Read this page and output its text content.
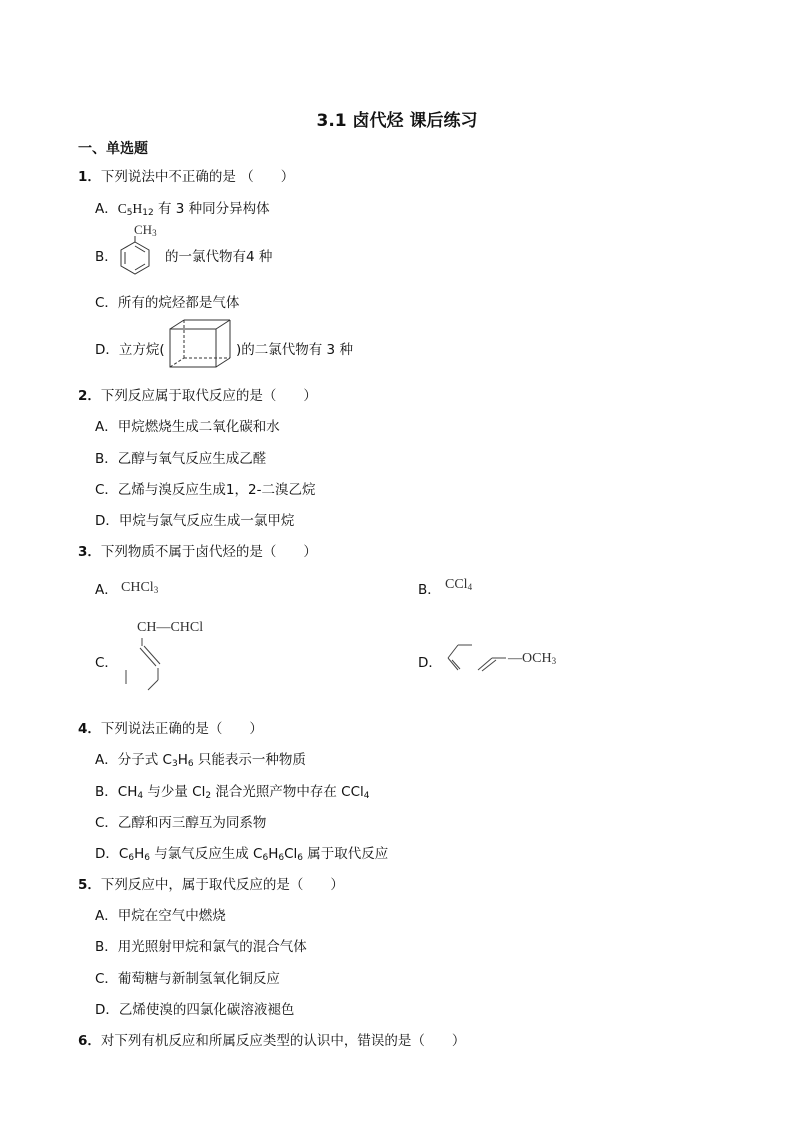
3.1 卤代烃 课后练习
一、单选题
1．下列说法中不正确的是 （　　）
A．$C_5H_{12}$ 有 3 种同分异构体
B．
$CH_3$
的一氯代物有4 种
C．所有的烷烃都是气体
D．立方烷(	)的二氯代物有 3 种
2．下列反应属于取代反应的是（　　）
A．甲烷燃烧生成二氧化碳和水
B．乙醇与氧气反应生成乙醛
C．乙烯与溴反应生成1，2-二溴乙烷
D．甲烷与氯气反应生成一氯甲烷
3．下列物质不属于卤代烃的是（　　）
A． CHCl$_3$	B． CCl$_4$
C．
CH—CHCl
D．	$—OCH_3$
4．下列说法正确的是（　　）
A．分子式 $C_3H_6$ 只能表示一种物质
B．$CH_4$ 与少量 $Cl_2$ 混合光照产物中存在 CCl$_4$
C．乙醇和丙三醇互为同系物
D．$C_6H_6$ 与氯气反应生成 $C_6H_6Cl_6$ 属于取代反应
5．下列反应中，属于取代反应的是（　　）
A．甲烷在空气中燃烧
B．用光照射甲烷和氯气的混合气体
C．葡萄糖与新制氢氧化铜反应
D．乙烯使溴的四氯化碳溶液褪色
6．对下列有机反应和所属反应类型的认识中，错误的是（　　）
